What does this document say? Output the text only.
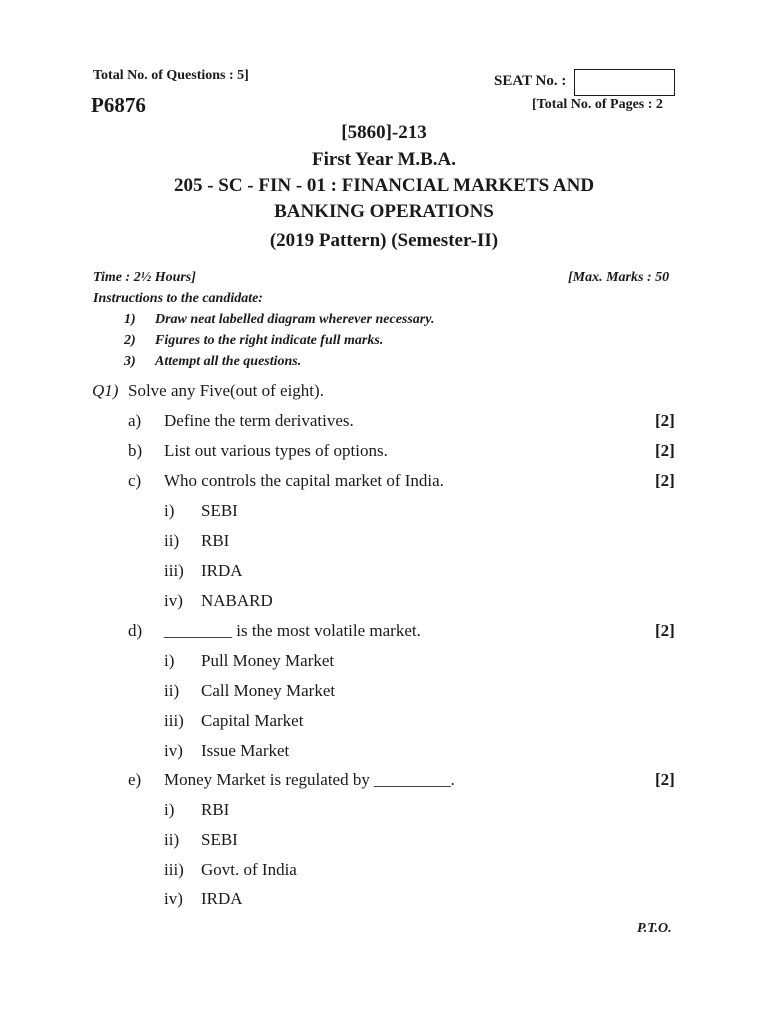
Total No. of Questions : 5]
P6876
SEAT No. :
[Total No. of Pages : 2
[5860]-213
First Year M.B.A.
205 - SC - FIN - 01 : FINANCIAL MARKETS AND
BANKING OPERATIONS
(2019 Pattern) (Semester-II)
Time : 2½ Hours]	[Max. Marks : 50
Instructions to the candidate:
1) Draw neat labelled diagram wherever necessary.
2) Figures to the right indicate full marks.
3) Attempt all the questions.
Q1) Solve any Five(out of eight).
a) Define the term derivatives.	[2]
b) List out various types of options.	[2]
c) Who controls the capital market of India.	[2]
i) SEBI
ii) RBI
iii) IRDA
iv) NABARD
d) ________ is the most volatile market.	[2]
i) Pull Money Market
ii) Call Money Market
iii) Capital Market
iv) Issue Market
e) Money Market is regulated by _________.	[2]
i) RBI
ii) SEBI
iii) Govt. of India
iv) IRDA
P.T.O.
